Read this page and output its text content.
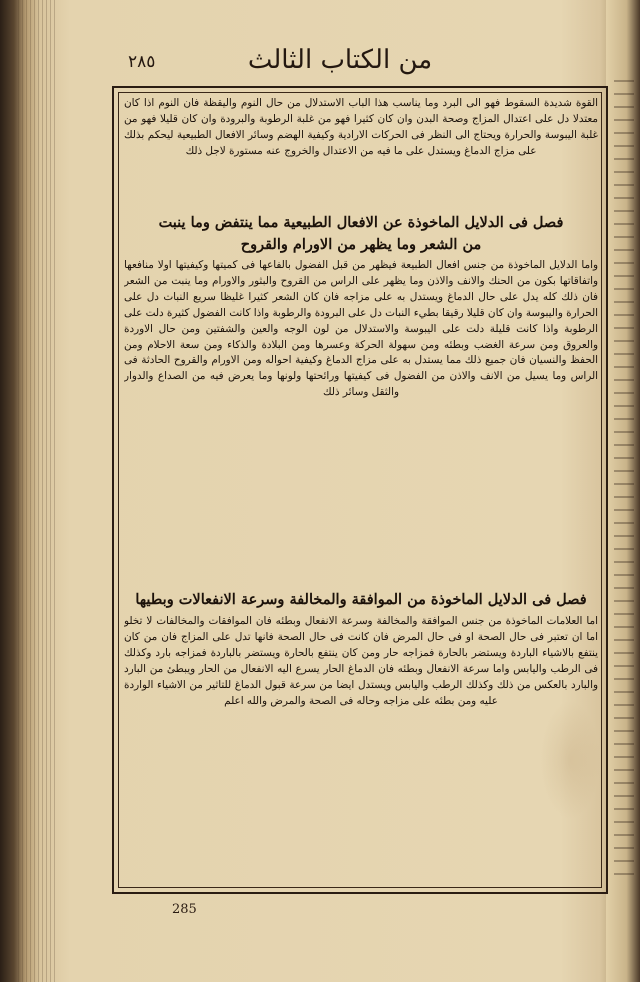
٢٨٥	من الكتاب الثالث
القوة شديدة السقوط فهو الى البرد وما يناسب هذا الباب الاستدلال من حال النوم واليقظة فان النوم اذا كان معتدلا دل على اعتدال المزاج وصحة البدن وان كان كثيرا فهو من غلبة الرطوبة والبرودة وان كان قليلا فهو من غلبة اليبوسة والحرارة ويحتاج الى النظر فى الحركات الارادية وكيفية الهضم وسائر الافعال الطبيعية ليحكم بذلك على مزاج الدماغ ويستدل على ما فيه من الاعتدال والخروج عنه مستورة لاجل ذلك
فصل فى الدلايل الماخوذة عن الافعال الطبيعية مما ينتفض وما ينبت
من الشعر وما يظهر من الاورام والقروح
واما الدلايل الماخوذة من جنس افعال الطبيعة فيظهر من قبل الفضول بالفاعها فى كميتها وكيفيتها اولا منافعها واتفاقاتها بكون من الحنك والانف والاذن وما يظهر على الراس من القروح والبثور والاورام وما ينبت من الشعر فان ذلك كله يدل على حال الدماغ ويستدل به على مزاجه فان كان الشعر كثيرا غليظا سريع النبات دل على الحرارة واليبوسة وان كان قليلا رقيقا بطيء النبات دل على البرودة والرطوبة واذا كانت الفضول كثيرة دلت على الرطوبة واذا كانت قليلة دلت على اليبوسة والاستدلال من لون الوجه والعين والشفتين ومن حال الاوردة والعروق ومن سرعة الغضب وبطئه ومن سهولة الحركة وعسرها ومن البلادة والذكاء ومن سعة الاحلام ومن الحفظ والنسيان فان جميع ذلك مما يستدل به على مزاج الدماغ وكيفية احواله ومن الاورام والقروح الحادثة فى الراس وما يسيل من الانف والاذن من الفضول فى كيفيتها ورائحتها ولونها وما يعرض فيه من الصداع والدوار والثقل وسائر ذلك
فصل فى الدلايل الماخوذة من الموافقة والمخالفة وسرعة الانفعالات وبطيها
اما العلامات الماخوذة من جنس الموافقة والمخالفة وسرعة الانفعال وبطئه فان الموافقات والمخالفات لا تخلو اما ان تعتبر فى حال الصحة او فى حال المرض فان كانت فى حال الصحة فانها تدل على المزاج فان من كان ينتفع بالاشياء الباردة ويستضر بالحارة فمزاجه حار ومن كان ينتفع بالحارة ويستضر بالباردة فمزاجه بارد وكذلك فى الرطب واليابس واما سرعة الانفعال وبطئه فان الدماغ الحار يسرع اليه الانفعال من الحار ويبطئ من البارد والبارد بالعكس من ذلك وكذلك الرطب واليابس ويستدل ايضا من سرعة قبول الدماغ للتاثير من الاشياء الواردة عليه ومن بطئه على مزاجه وحاله فى الصحة والمرض والله اعلم
285
